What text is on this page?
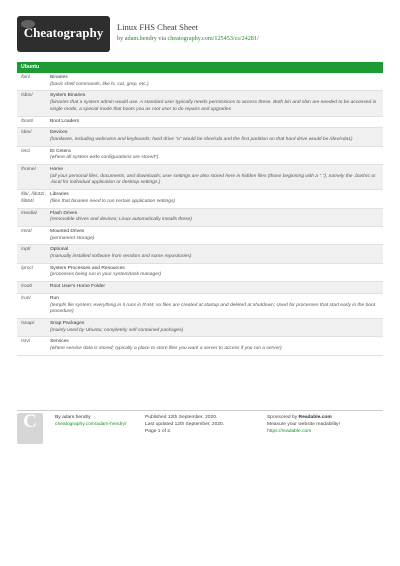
Cheatography	Linux FHS Cheat Sheet
by adam.hendry via cheatography.com/125453/cs/24281/
Ubuntu
/bin/	Binaries
(basic shell commands, like ls, cat, grep, etc.)
/sbin/	System Binaries
(binaries that a system admin would use. A standard user typically needs permissions to access these. Both bin and sbin are needed to be accessed in single mode, a special mode that boots you as root user to do repairs and upgrades
/boot/	Boot Loaders
/dev/	Devices
(hardware, including webcams and keyboards; hard drive "a" would be /dev/sda and the first partition on that hard drive would be /dev/sda1)
/etc/	Et Cetera
(where all system-wide configurations are stored*)
/home/	Home
(all your personal files, documents, and downloads; user settings are also stored here in hidden files (those beginning with a "."), namely the .bashrc or .local for individual application or desktop settings.)
/lib/, /lib32/, /lib64/
Libraries
(files that binaries need to run certain application settings)
/media/	Flash Drives
(removable drives and devices; Linux automatically installs these)
/mnt/	Mounted Drives
(permanent storage)
/opt/	Optional
(manually installed software from vendors and some repositories)
/proc/	System Processes and Resources
(processes being run in your system/task manager)
/root/	Root User's Home Folder
/run/	Run
(tempfs file system; everything in it runs in RAM, so files are created at startup and deleted at shutdown; Used for processes that start early in the boot procedure)
/snap/	Snap Packages
(mainly used by Ubuntu; completely self-contained packages)
/srv/	Services
(where service data is stored; typically a place to store files you want a server to access if you run a server)
C	By adam.hendry
cheatography.com/adam-hendry/
Published 12th September, 2020.
Last updated 12th September, 2020.
Page 1 of 2.
Sponsored by Readable.com
Measure your website readability!
https://readable.com
